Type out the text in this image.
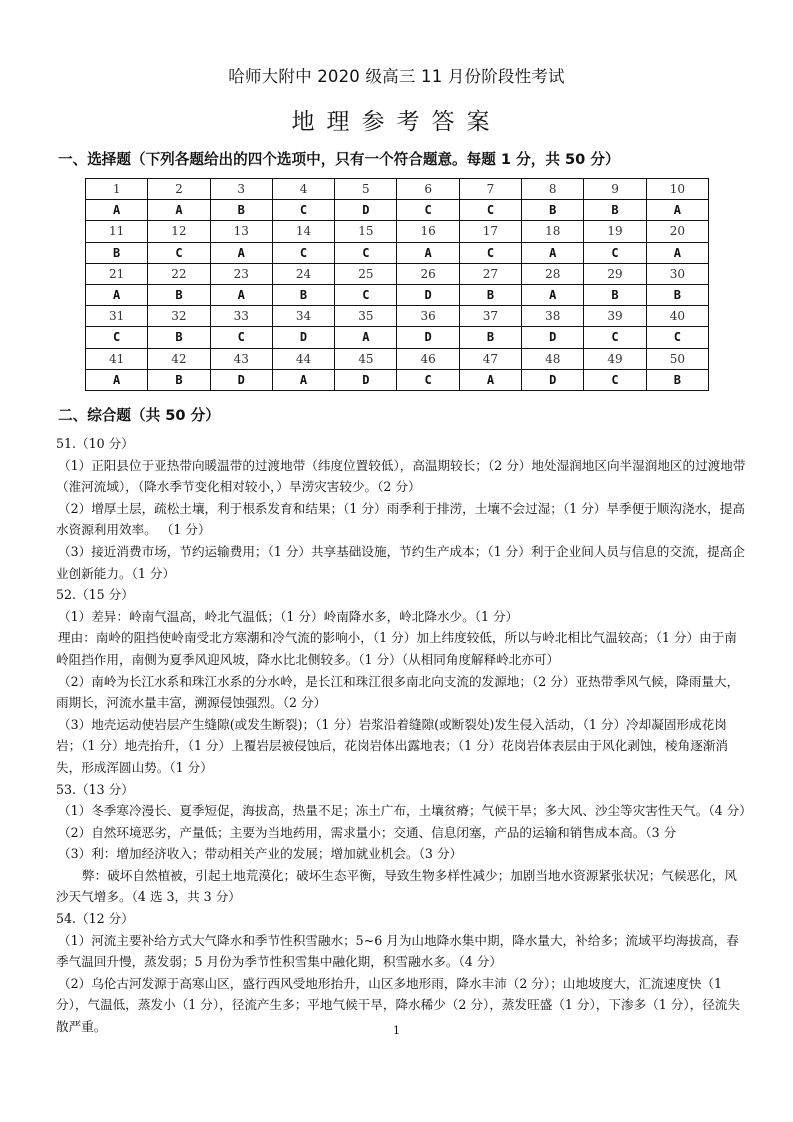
哈师大附中 2020 级高三 11 月份阶段性考试
地理参考答案
一、选择题（下列各题给出的四个选项中，只有一个符合题意。每题 1 分，共 50 分）
1	2	3	4	5	6	7	8	9	10
A	A	B	C	D	C	C	B	B	A
11	12	13	14	15	16	17	18	19	20
B	C	A	C	C	A	C	A	C	A
21	22	23	24	25	26	27	28	29	30
A	B	A	B	C	D	B	A	B	B
31	32	33	34	35	36	37	38	39	40
C	B	C	D	A	D	B	D	C	C
41	42	43	44	45	46	47	48	49	50
A	B	D	A	D	C	A	D	C	B
二、综合题（共 50 分）

51.（10 分）

（1）正阳县位于亚热带向暖温带的过渡地带（纬度位置较低），高温期较长；（2 分）地处湿润地区向半湿润地区的过渡地带（淮河流域），（降水季节变化相对较小，）旱涝灾害较少。（2 分）

（2）增厚土层，疏松土壤，利于根系发育和结果；（1 分）雨季利于排涝，土壤不会过湿；（1 分）旱季便于顺沟浇水，提高水资源利用效率。 （1 分）

（3）接近消费市场，节约运输费用；（1 分）共享基础设施，节约生产成本；（1 分）利于企业间人员与信息的交流，提高企业创新能力。（1 分）

52.（15 分）

（1）差异：岭南气温高，岭北气温低；（1 分）岭南降水多，岭北降水少。（1 分）

理由：南岭的阻挡使岭南受北方寒潮和冷气流的影响小，（1 分）加上纬度较低，所以与岭北相比气温较高；（1 分）由于南岭阻挡作用，南侧为夏季风迎风坡，降水比北侧较多。（1 分）（从相同角度解释岭北亦可）

（2）南岭为长江水系和珠江水系的分水岭，是长江和珠江很多南北向支流的发源地；（2 分）亚热带季风气候，降雨量大，雨期长，河流水量丰富，溯源侵蚀强烈。（2 分）

（3）地壳运动使岩层产生缝隙(或发生断裂)；（1 分）岩浆沿着缝隙(或断裂处)发生侵入活动，（1 分）冷却凝固形成花岗岩；（1 分）地壳抬升，（1 分）上覆岩层被侵蚀后，花岗岩体出露地表；（1 分）花岗岩体表层由于风化剥蚀，棱角逐渐消失，形成浑圆山势。（1 分）

53.（13 分）

（1）冬季寒冷漫长、夏季短促，海拔高，热量不足；冻土广布，土壤贫瘠；气候干旱；多大风、沙尘等灾害性天气。（4 分）

（2）自然环境恶劣，产量低；主要为当地药用，需求量小；交通、信息闭塞，产品的运输和销售成本高。（3 分

（3）利：增加经济收入；带动相关产业的发展；增加就业机会。（3 分）

弊：破坏自然植被，引起土地荒漠化；破坏生态平衡，导致生物多样性减少；加剧当地水资源紧张状况；气候恶化，风沙天气增多。（4 选 3，共 3 分）

54.（12 分）

（1）河流主要补给方式大气降水和季节性积雪融水；5~6 月为山地降水集中期，降水量大，补给多；流域平均海拔高，春季气温回升慢，蒸发弱；5 月份为季节性积雪集中融化期，积雪融水多。（4 分）

（2）乌伦古河发源于高寒山区，盛行西风受地形抬升，山区多地形雨，降水丰沛（2 分）；山地坡度大，汇流速度快（1 分），气温低，蒸发小（1 分），径流产生多；平地气候干旱，降水稀少（2 分），蒸发旺盛（1 分），下渗多（1 分），径流失散严重。	1
